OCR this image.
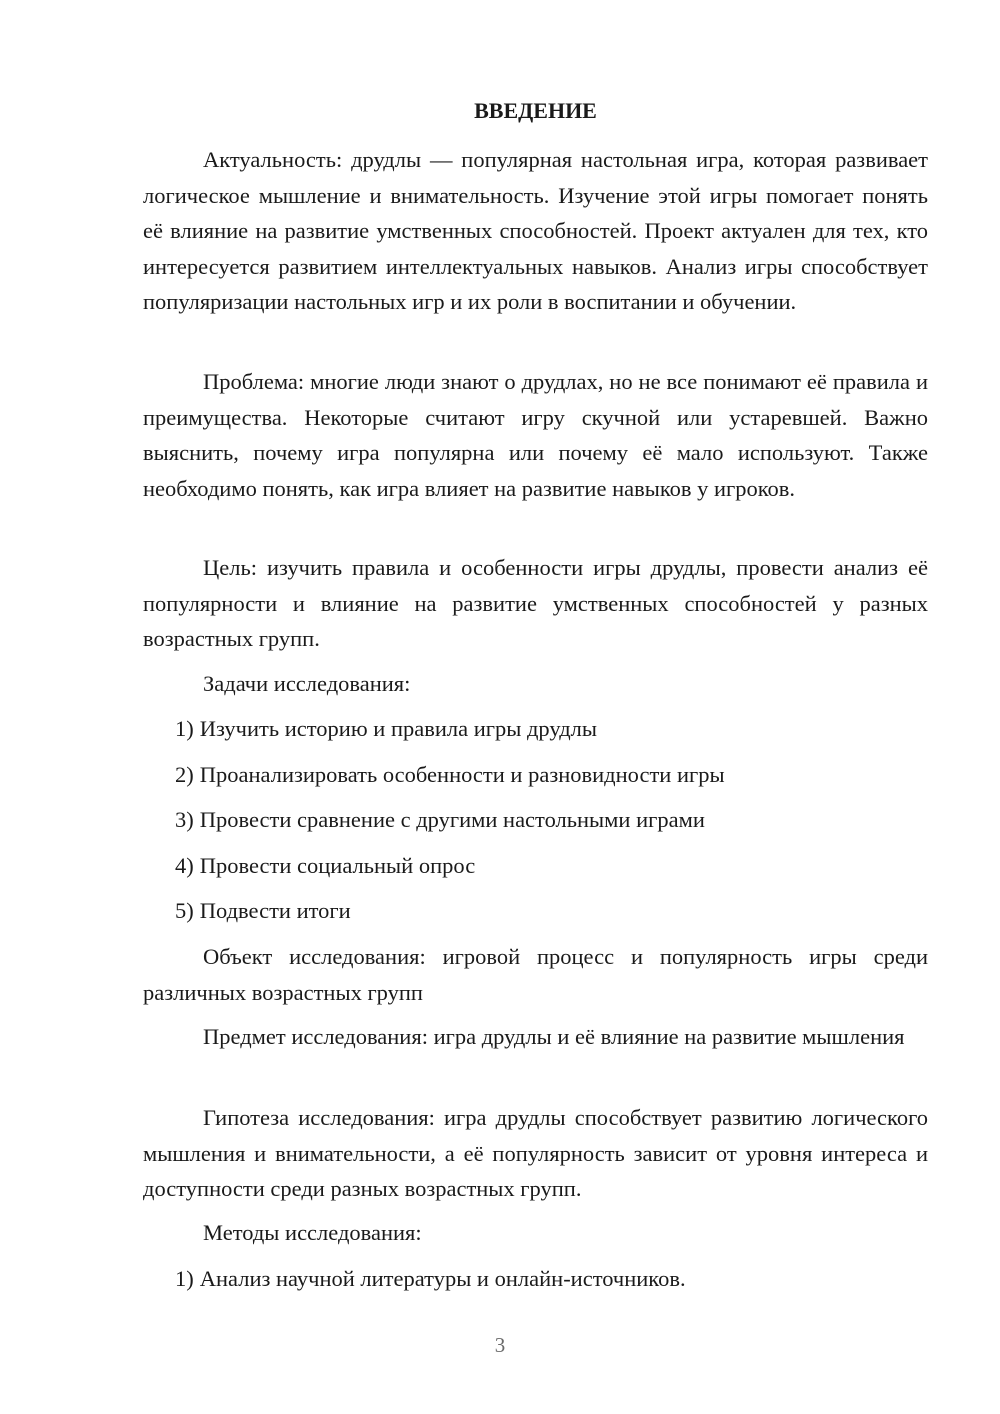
ВВЕДЕНИЕ

Актуальность: друдлы — популярная настольная игра, которая развивает логическое мышление и внимательность. Изучение этой игры помогает понять её влияние на развитие умственных способностей. Проект актуален для тех, кто интересуется развитием интеллектуальных навыков. Анализ игры способствует популяризации настольных игр и их роли в воспитании и обучении.

Проблема: многие люди знают о друдлах, но не все понимают её правила и преимущества. Некоторые считают игру скучной или устаревшей. Важно выяснить, почему игра популярна или почему её мало используют. Также необходимо понять, как игра влияет на развитие навыков у игроков.

Цель: изучить правила и особенности игры друдлы, провести анализ её популярности и влияние на развитие умственных способностей у разных возрастных групп.

Задачи исследования:

1) Изучить историю и правила игры друдлы

2) Проанализировать особенности и разновидности игры

3) Провести сравнение с другими настольными играми

4) Провести социальный опрос

5) Подвести итоги

Объект исследования: игровой процесс и популярность игры среди различных возрастных групп

Предмет исследования: игра друдлы и её влияние на развитие мышления

Гипотеза исследования: игра друдлы способствует развитию логического мышления и внимательности, а её популярность зависит от уровня интереса и доступности среди разных возрастных групп.

Методы исследования:

1) Анализ научной литературы и онлайн-источников.

3
